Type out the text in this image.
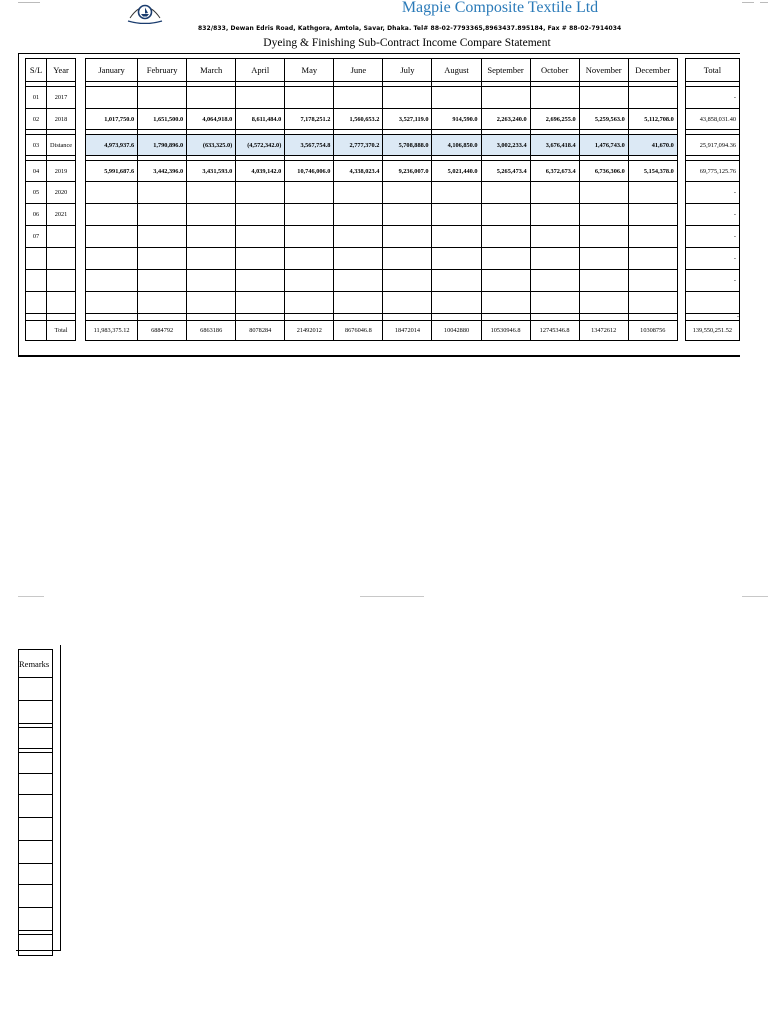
Magpie Composite Textile Ltd
832/833, Dewan Edris Road, Kathgora, Amtola, Savar, Dhaka. Tel# 88-02-7793365,8963437.895184, Fax # 88-02-7914034
Dyeing & Finishing Sub-Contract Income Compare Statement
S/L	Year		January	February	March	April	May	June	July	August	September	October	November	December		Total

01	2017															-
02	2018		1,017,750.0	1,651,500.0	4,064,918.0	8,611,484.0	7,178,251.2	1,560,653.2	3,527,119.0	914,590.0	2,263,240.0	2,696,255.0	5,259,563.0	5,112,708.0		43,858,031.40

03	Distance		4,973,937.6	1,790,896.0	(633,325.0)	(4,572,342.0)	3,567,754.8	2,777,370.2	5,708,888.0	4,106,850.0	3,002,233.4	3,676,418.4	1,476,743.0	41,670.0		25,917,094.36

04	2019		5,991,687.6	3,442,396.0	3,431,593.0	4,039,142.0	10,746,006.0	4,338,023.4	9,236,007.0	5,021,440.0	5,265,473.4	6,372,673.4	6,736,306.0	5,154,378.0		69,775,125.76
05	2020															-
06	2021															-
07																-
																-
																-

																-
	Total		11,983,375.12	6884792	6863186	8078284	21492012	8676046.8	18472014	10042880	10530946.8	12745346.8	13472612	10308756		139,550,251.52
Remarks
